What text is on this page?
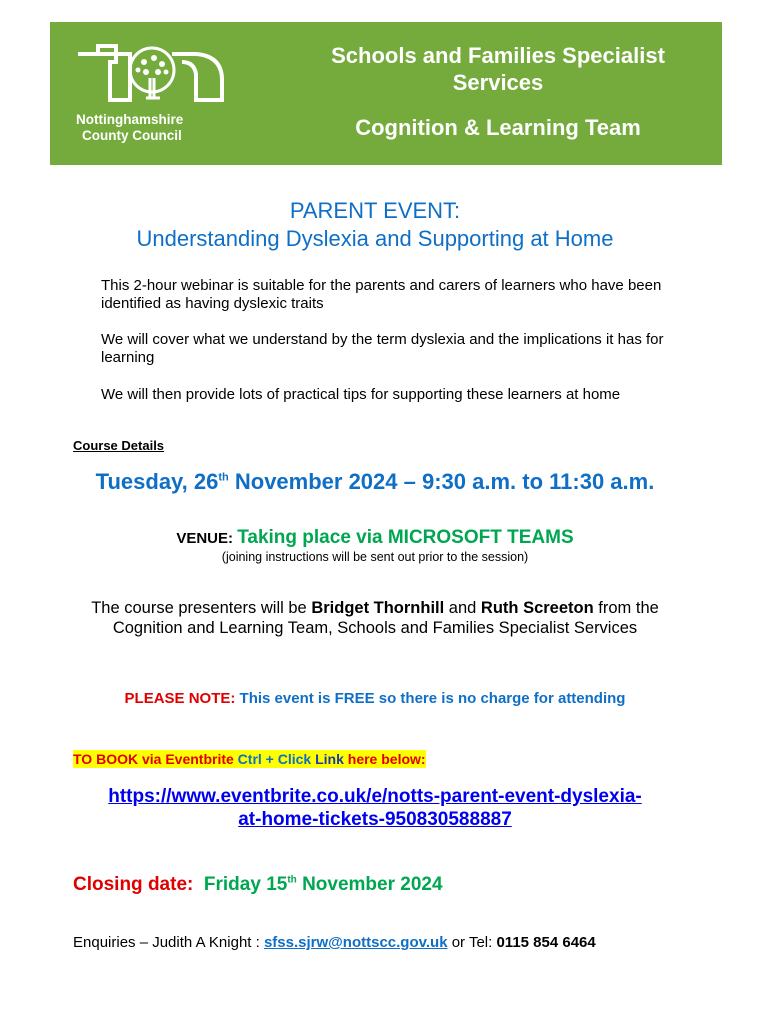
Nottinghamshire
County Council
Schools and Families Specialist Services
Cognition & Learning Team
PARENT EVENT:
Understanding Dyslexia and Supporting at Home
This 2-hour webinar is suitable for the parents and carers of learners who have been identified as having dyslexic traits
We will cover what we understand by the term dyslexia and the implications it has for learning
We will then provide lots of practical tips for supporting these learners at home
Course Details
Tuesday, 26th November 2024 – 9:30 a.m. to 11:30 a.m.
VENUE: Taking place via MICROSOFT TEAMS
(joining instructions will be sent out prior to the session)
The course presenters will be Bridget Thornhill and Ruth Screeton from the
Cognition and Learning Team, Schools and Families Specialist Services
PLEASE NOTE: This event is FREE so there is no charge for attending
TO BOOK via Eventbrite Ctrl + Click Link here below:
https://www.eventbrite.co.uk/e/notts-parent-event-dyslexia-
at-home-tickets-950830588887
Closing date: Friday 15th November 2024
Enquiries – Judith A Knight : sfss.sjrw@nottscc.gov.uk or Tel: 0115 854 6464
